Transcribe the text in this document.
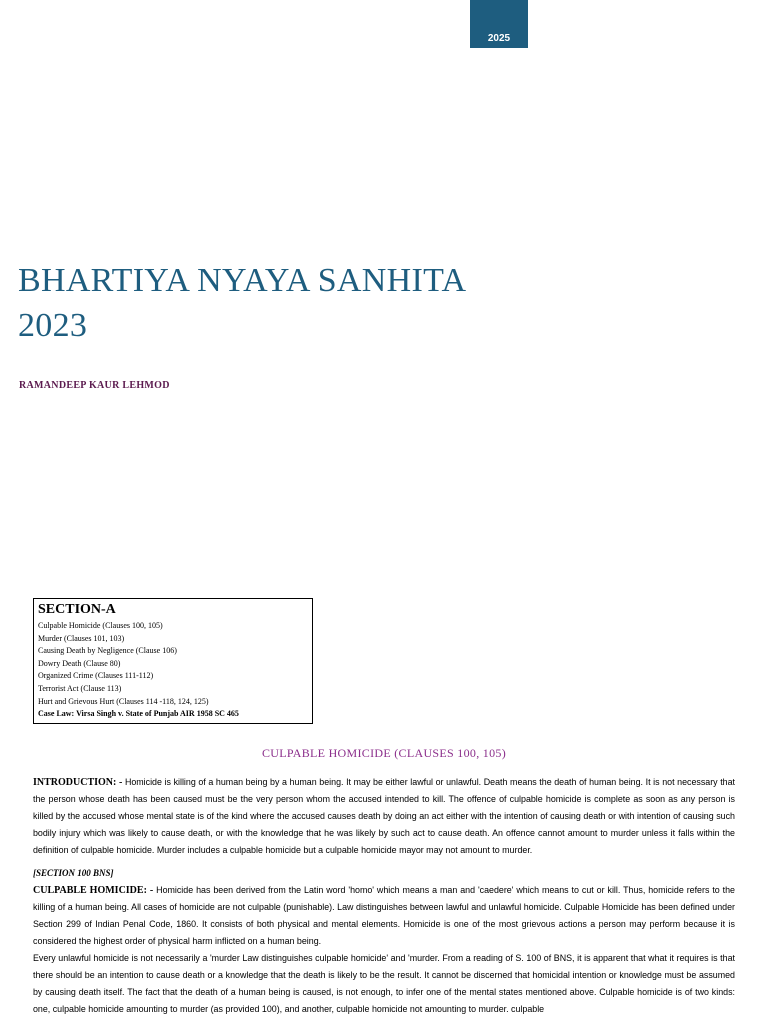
2025
BHARTIYA NYAYA SANHITA
2023

RAMANDEEP KAUR LEHMOD

SECTION-A
Culpable Homicide (Clauses 100, 105)
Murder (Clauses 101, 103)
Causing Death by Negligence (Clause 106)
Dowry Death (Clause 80)
Organized Crime (Clauses 111-112)
Terrorist Act (Clause 113)
Hurt and Grievous Hurt (Clauses 114 -118, 124, 125)
Case Law: Virsa Singh v. State of Punjab AIR 1958 SC 465
CULPABLE HOMICIDE (CLAUSES 100, 105)

INTRODUCTION: - Homicide is killing of a human being by a human being. It may be either lawful or unlawful. Death means the death of human being. It is not necessary that the person whose death has been caused must be the very person whom the accused intended to kill. The offence of culpable homicide is complete as soon as any person is killed by the accused whose mental state is of the kind where the accused causes death by doing an act either with the intention of causing death or with intention of causing such bodily injury which was likely to cause death, or with the knowledge that he was likely by such act to cause death. An offence cannot amount to murder unless it falls within the definition of culpable homicide. Murder includes a culpable homicide but a culpable homicide mayor may not amount to murder.

[SECTION 100 BNS]

CULPABLE HOMICIDE: - Homicide has been derived from the Latin word 'homo' which means a man and 'caedere' which means to cut or kill. Thus, homicide refers to the killing of a human being. All cases of homicide are not culpable (punishable). Law distinguishes between lawful and unlawful homicide. Culpable Homicide has been defined under Section 299 of Indian Penal Code, 1860. It consists of both physical and mental elements. Homicide is one of the most grievous actions a person may perform because it is considered the highest order of physical harm inflicted on a human being.

Every unlawful homicide is not necessarily a 'murder Law distinguishes culpable homicide' and 'murder. From a reading of S. 100 of BNS, it is apparent that what it requires is that there should be an intention to cause death or a knowledge that the death is likely to be the result. It cannot be discerned that homicidal intention or knowledge must be assumed by causing death itself. The fact that the death of a human being is caused, is not enough, to infer one of the mental states mentioned above. Culpable homicide is of two kinds: one, culpable homicide amounting to murder (as provided 100), and another, culpable homicide not amounting to murder. culpable
